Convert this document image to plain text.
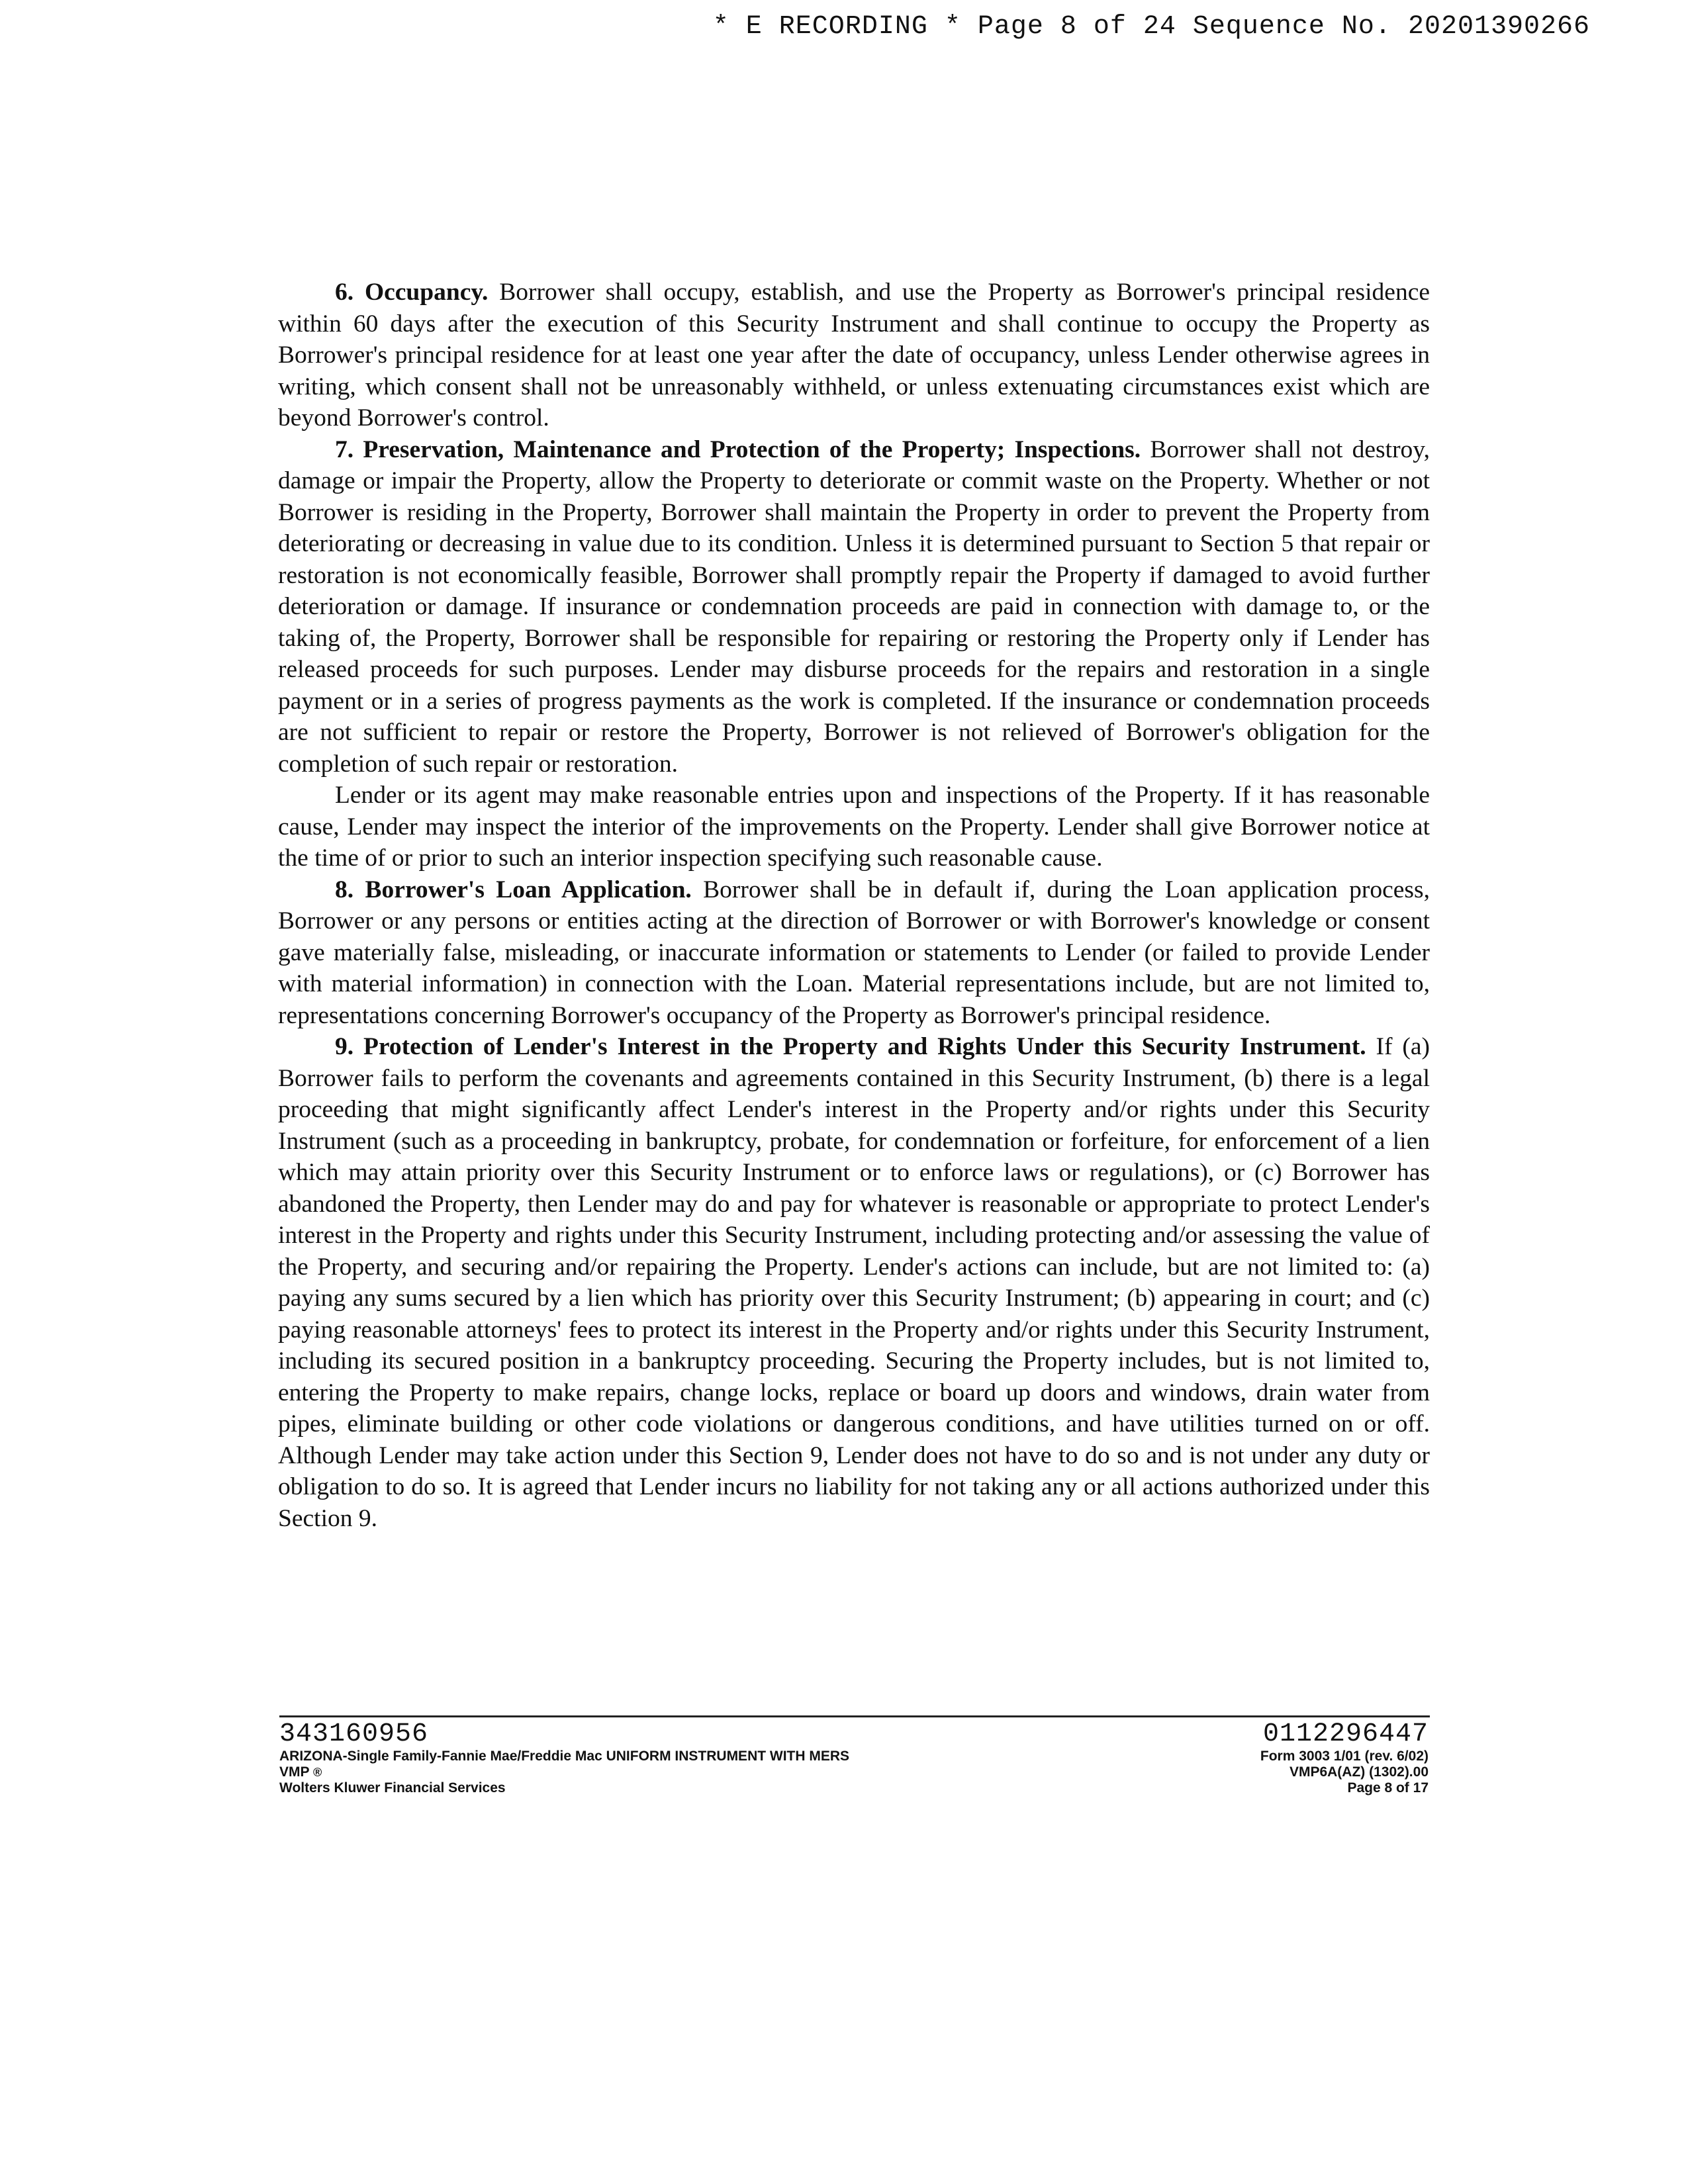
* E RECORDING * Page 8 of 24 Sequence No. 20201390266

6. Occupancy. Borrower shall occupy, establish, and use the Property as Borrower's principal residence within 60 days after the execution of this Security Instrument and shall continue to occupy the Property as Borrower's principal residence for at least one year after the date of occupancy, unless Lender otherwise agrees in writing, which consent shall not be unreasonably withheld, or unless extenuating circumstances exist which are beyond Borrower's control.

7. Preservation, Maintenance and Protection of the Property; Inspections. Borrower shall not destroy, damage or impair the Property, allow the Property to deteriorate or commit waste on the Property. Whether or not Borrower is residing in the Property, Borrower shall maintain the Property in order to prevent the Property from deteriorating or decreasing in value due to its condition. Unless it is determined pursuant to Section 5 that repair or restoration is not economically feasible, Borrower shall promptly repair the Property if damaged to avoid further deterioration or damage. If insurance or condemnation proceeds are paid in connection with damage to, or the taking of, the Property, Borrower shall be responsible for repairing or restoring the Property only if Lender has released proceeds for such purposes. Lender may disburse proceeds for the repairs and restoration in a single payment or in a series of progress payments as the work is completed. If the insurance or condemnation proceeds are not sufficient to repair or restore the Property, Borrower is not relieved of Borrower's obligation for the completion of such repair or restoration.

Lender or its agent may make reasonable entries upon and inspections of the Property. If it has reasonable cause, Lender may inspect the interior of the improvements on the Property. Lender shall give Borrower notice at the time of or prior to such an interior inspection specifying such reasonable cause.

8. Borrower's Loan Application. Borrower shall be in default if, during the Loan application process, Borrower or any persons or entities acting at the direction of Borrower or with Borrower's knowledge or consent gave materially false, misleading, or inaccurate information or statements to Lender (or failed to provide Lender with material information) in connection with the Loan. Material representations include, but are not limited to, representations concerning Borrower's occupancy of the Property as Borrower's principal residence.

9. Protection of Lender's Interest in the Property and Rights Under this Security Instrument. If (a) Borrower fails to perform the covenants and agreements contained in this Security Instrument, (b) there is a legal proceeding that might significantly affect Lender's interest in the Property and/or rights under this Security Instrument (such as a proceeding in bankruptcy, probate, for condemnation or forfeiture, for enforcement of a lien which may attain priority over this Security Instrument or to enforce laws or regulations), or (c) Borrower has abandoned the Property, then Lender may do and pay for whatever is reasonable or appropriate to protect Lender's interest in the Property and rights under this Security Instrument, including protecting and/or assessing the value of the Property, and securing and/or repairing the Property. Lender's actions can include, but are not limited to: (a) paying any sums secured by a lien which has priority over this Security Instrument; (b) appearing in court; and (c) paying reasonable attorneys' fees to protect its interest in the Property and/or rights under this Security Instrument, including its secured position in a bankruptcy proceeding. Securing the Property includes, but is not limited to, entering the Property to make repairs, change locks, replace or board up doors and windows, drain water from pipes, eliminate building or other code violations or dangerous conditions, and have utilities turned on or off. Although Lender may take action under this Section 9, Lender does not have to do so and is not under any duty or obligation to do so. It is agreed that Lender incurs no liability for not taking any or all actions authorized under this Section 9.

343160956
ARIZONA-Single Family-Fannie Mae/Freddie Mac UNIFORM INSTRUMENT WITH MERS
VMP ®
Wolters Kluwer Financial Services
0112296447
Form 3003 1/01 (rev. 6/02)
VMP6A(AZ) (1302).00
Page 8 of 17
